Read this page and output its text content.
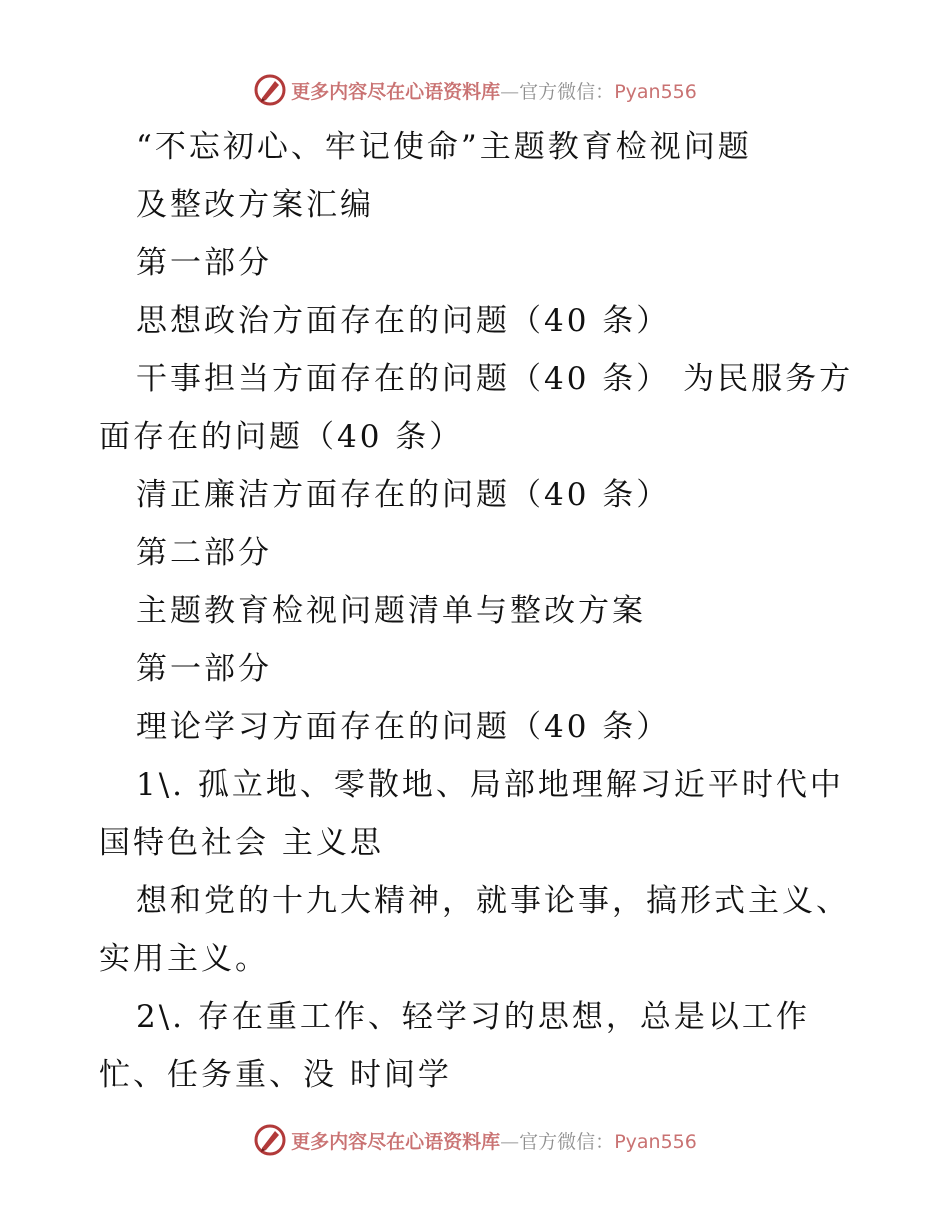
更多内容尽在心语资料库—官方微信：Pyan556

“不忘初心、牢记使命”主题教育检视问题

及整改方案汇编

第一部分

思想政治方面存在的问题（40 条）

干事担当方面存在的问题（40 条） 为民服务方面存在的问题（40 条）

清正廉洁方面存在的问题（40 条）

第二部分

主题教育检视问题清单与整改方案

第一部分

理论学习方面存在的问题（40 条）

1\. 孤立地、零散地、局部地理解习近平时代中国特色社会 主义思

想和党的十九大精神，就事论事，搞形式主义、实用主义。

2\. 存在重工作、轻学习的思想，总是以工作忙、任务重、没 时间学

更多内容尽在心语资料库—官方微信：Pyan556
